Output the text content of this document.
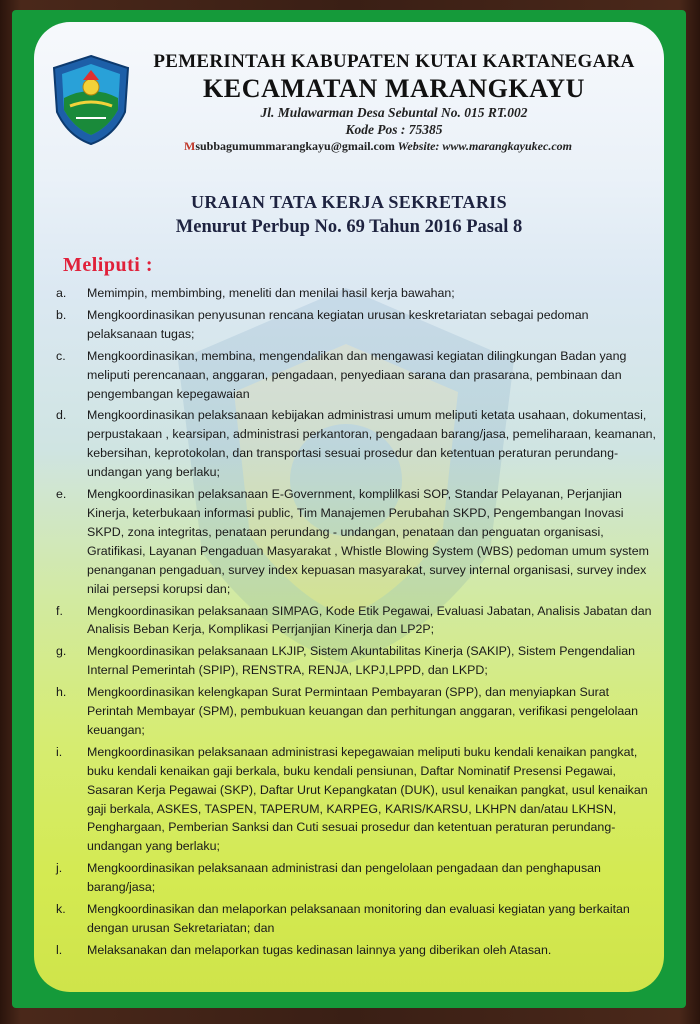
PEMERINTAH KABUPATEN KUTAI KARTANEGARA

KECAMATAN MARANGKAYU

Jl. Mulawarman Desa Sebuntal No. 015 RT.002

Kode Pos : 75385

Msubbagumummarangkayu@gmail.com Website: www.marangkayukec.com
URAIAN TATA KERJA SEKRETARIS
Menurut Perbup No. 69 Tahun 2016 Pasal 8
Meliputi :
a.	Memimpin, membimbing, meneliti dan menilai hasil kerja bawahan;
b.	Mengkoordinasikan penyusunan rencana kegiatan urusan keskretariatan sebagai pedoman pelaksanaan tugas;
c.	Mengkoordinasikan, membina, mengendalikan dan mengawasi kegiatan dilingkungan Badan yang meliputi perencanaan, anggaran, pengadaan, penyediaan sarana dan prasarana, pembinaan dan pengembangan kepegawaian
d.	Mengkoordinasikan pelaksanaan kebijakan administrasi umum meliputi ketata usahaan, dokumentasi, perpustakaan , kearsipan, administrasi perkantoran, pengadaan barang/jasa, pemeliharaan, keamanan, kebersihan, keprotokolan, dan transportasi sesuai prosedur dan ketentuan peraturan perundang-undangan yang berlaku;
e.	Mengkoordinasikan pelaksanaan E-Government, komplilkasi SOP, Standar Pelayanan, Perjanjian Kinerja, keterbukaan informasi public, Tim Manajemen Perubahan SKPD, Pengembangan Inovasi SKPD, zona integritas, penataan perundang - undangan, penataan dan penguatan organisasi, Gratifikasi, Layanan Pengaduan Masyarakat , Whistle Blowing System (WBS) pedoman umum system penanganan pengaduan, survey index kepuasan masyarakat, survey internal organisasi, survey index nilai persepsi korupsi dan;
f.	Mengkoordinasikan pelaksanaan SIMPAG, Kode Etik Pegawai, Evaluasi Jabatan, Analisis Jabatan dan Analisis Beban Kerja, Komplikasi Perrjanjian Kinerja dan LP2P;
g.	Mengkoordinasikan pelaksanaan LKJIP, Sistem Akuntabilitas Kinerja (SAKIP), Sistem Pengendalian Internal Pemerintah (SPIP), RENSTRA, RENJA, LKPJ,LPPD, dan LKPD;
h.	Mengkoordinasikan kelengkapan Surat Permintaan Pembayaran (SPP), dan menyiapkan Surat Perintah Membayar (SPM), pembukuan keuangan dan perhitungan anggaran, verifikasi pengelolaan keuangan;
i.	Mengkoordinasikan pelaksanaan administrasi kepegawaian meliputi buku kendali kenaikan pangkat, buku kendali kenaikan gaji berkala, buku kendali pensiunan, Daftar Nominatif Presensi Pegawai, Sasaran Kerja Pegawai (SKP), Daftar Urut Kepangkatan (DUK), usul kenaikan pangkat, usul kenaikan gaji berkala, ASKES, TASPEN, TAPERUM, KARPEG, KARIS/KARSU, LKHPN dan/atau LKHSN, Penghargaan, Pemberian Sanksi dan Cuti sesuai prosedur dan ketentuan peraturan perundang- undangan yang berlaku;
j.	Mengkoordinasikan pelaksanaan administrasi dan pengelolaan pengadaan dan penghapusan barang/jasa;
k.	Mengkoordinasikan dan melaporkan pelaksanaan monitoring dan evaluasi kegiatan yang berkaitan dengan urusan Sekretariatan; dan
l.	Melaksanakan dan melaporkan tugas kedinasan lainnya yang diberikan oleh Atasan.
